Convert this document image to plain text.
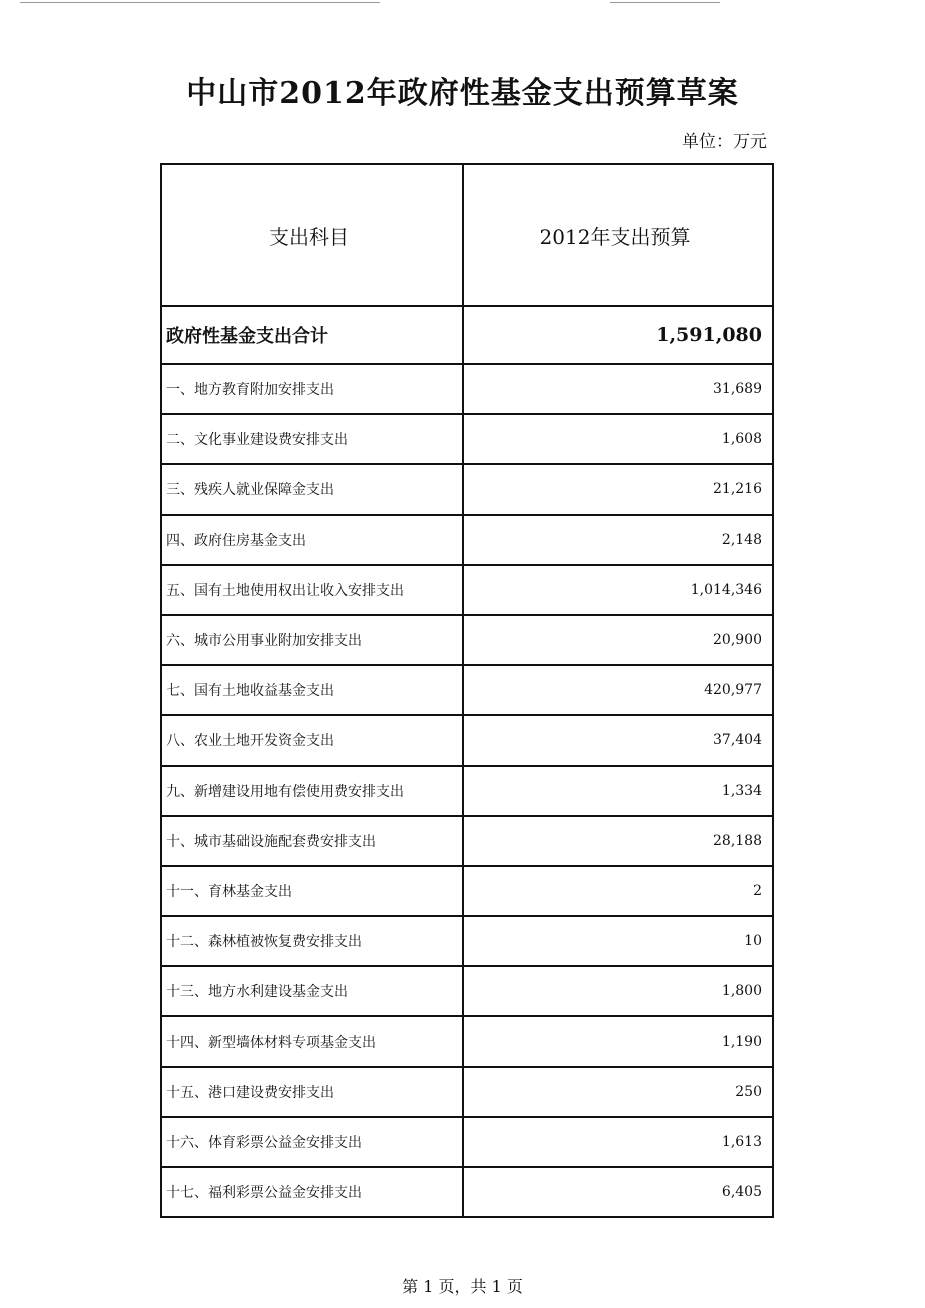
中山市2012年政府性基金支出预算草案
单位：万元
支出科目	2012年支出预算
政府性基金支出合计	1,591,080
一、地方教育附加安排支出	31,689
二、文化事业建设费安排支出	1,608
三、残疾人就业保障金支出	21,216
四、政府住房基金支出	2,148
五、国有土地使用权出让收入安排支出	1,014,346
六、城市公用事业附加安排支出	20,900
七、国有土地收益基金支出	420,977
八、农业土地开发资金支出	37,404
九、新增建设用地有偿使用费安排支出	1,334
十、城市基础设施配套费安排支出	28,188
十一、育林基金支出	2
十二、森林植被恢复费安排支出	10
十三、地方水利建设基金支出	1,800
十四、新型墙体材料专项基金支出	1,190
十五、港口建设费安排支出	250
十六、体育彩票公益金安排支出	1,613
十七、福利彩票公益金安排支出	6,405
第 1 页，共 1 页
